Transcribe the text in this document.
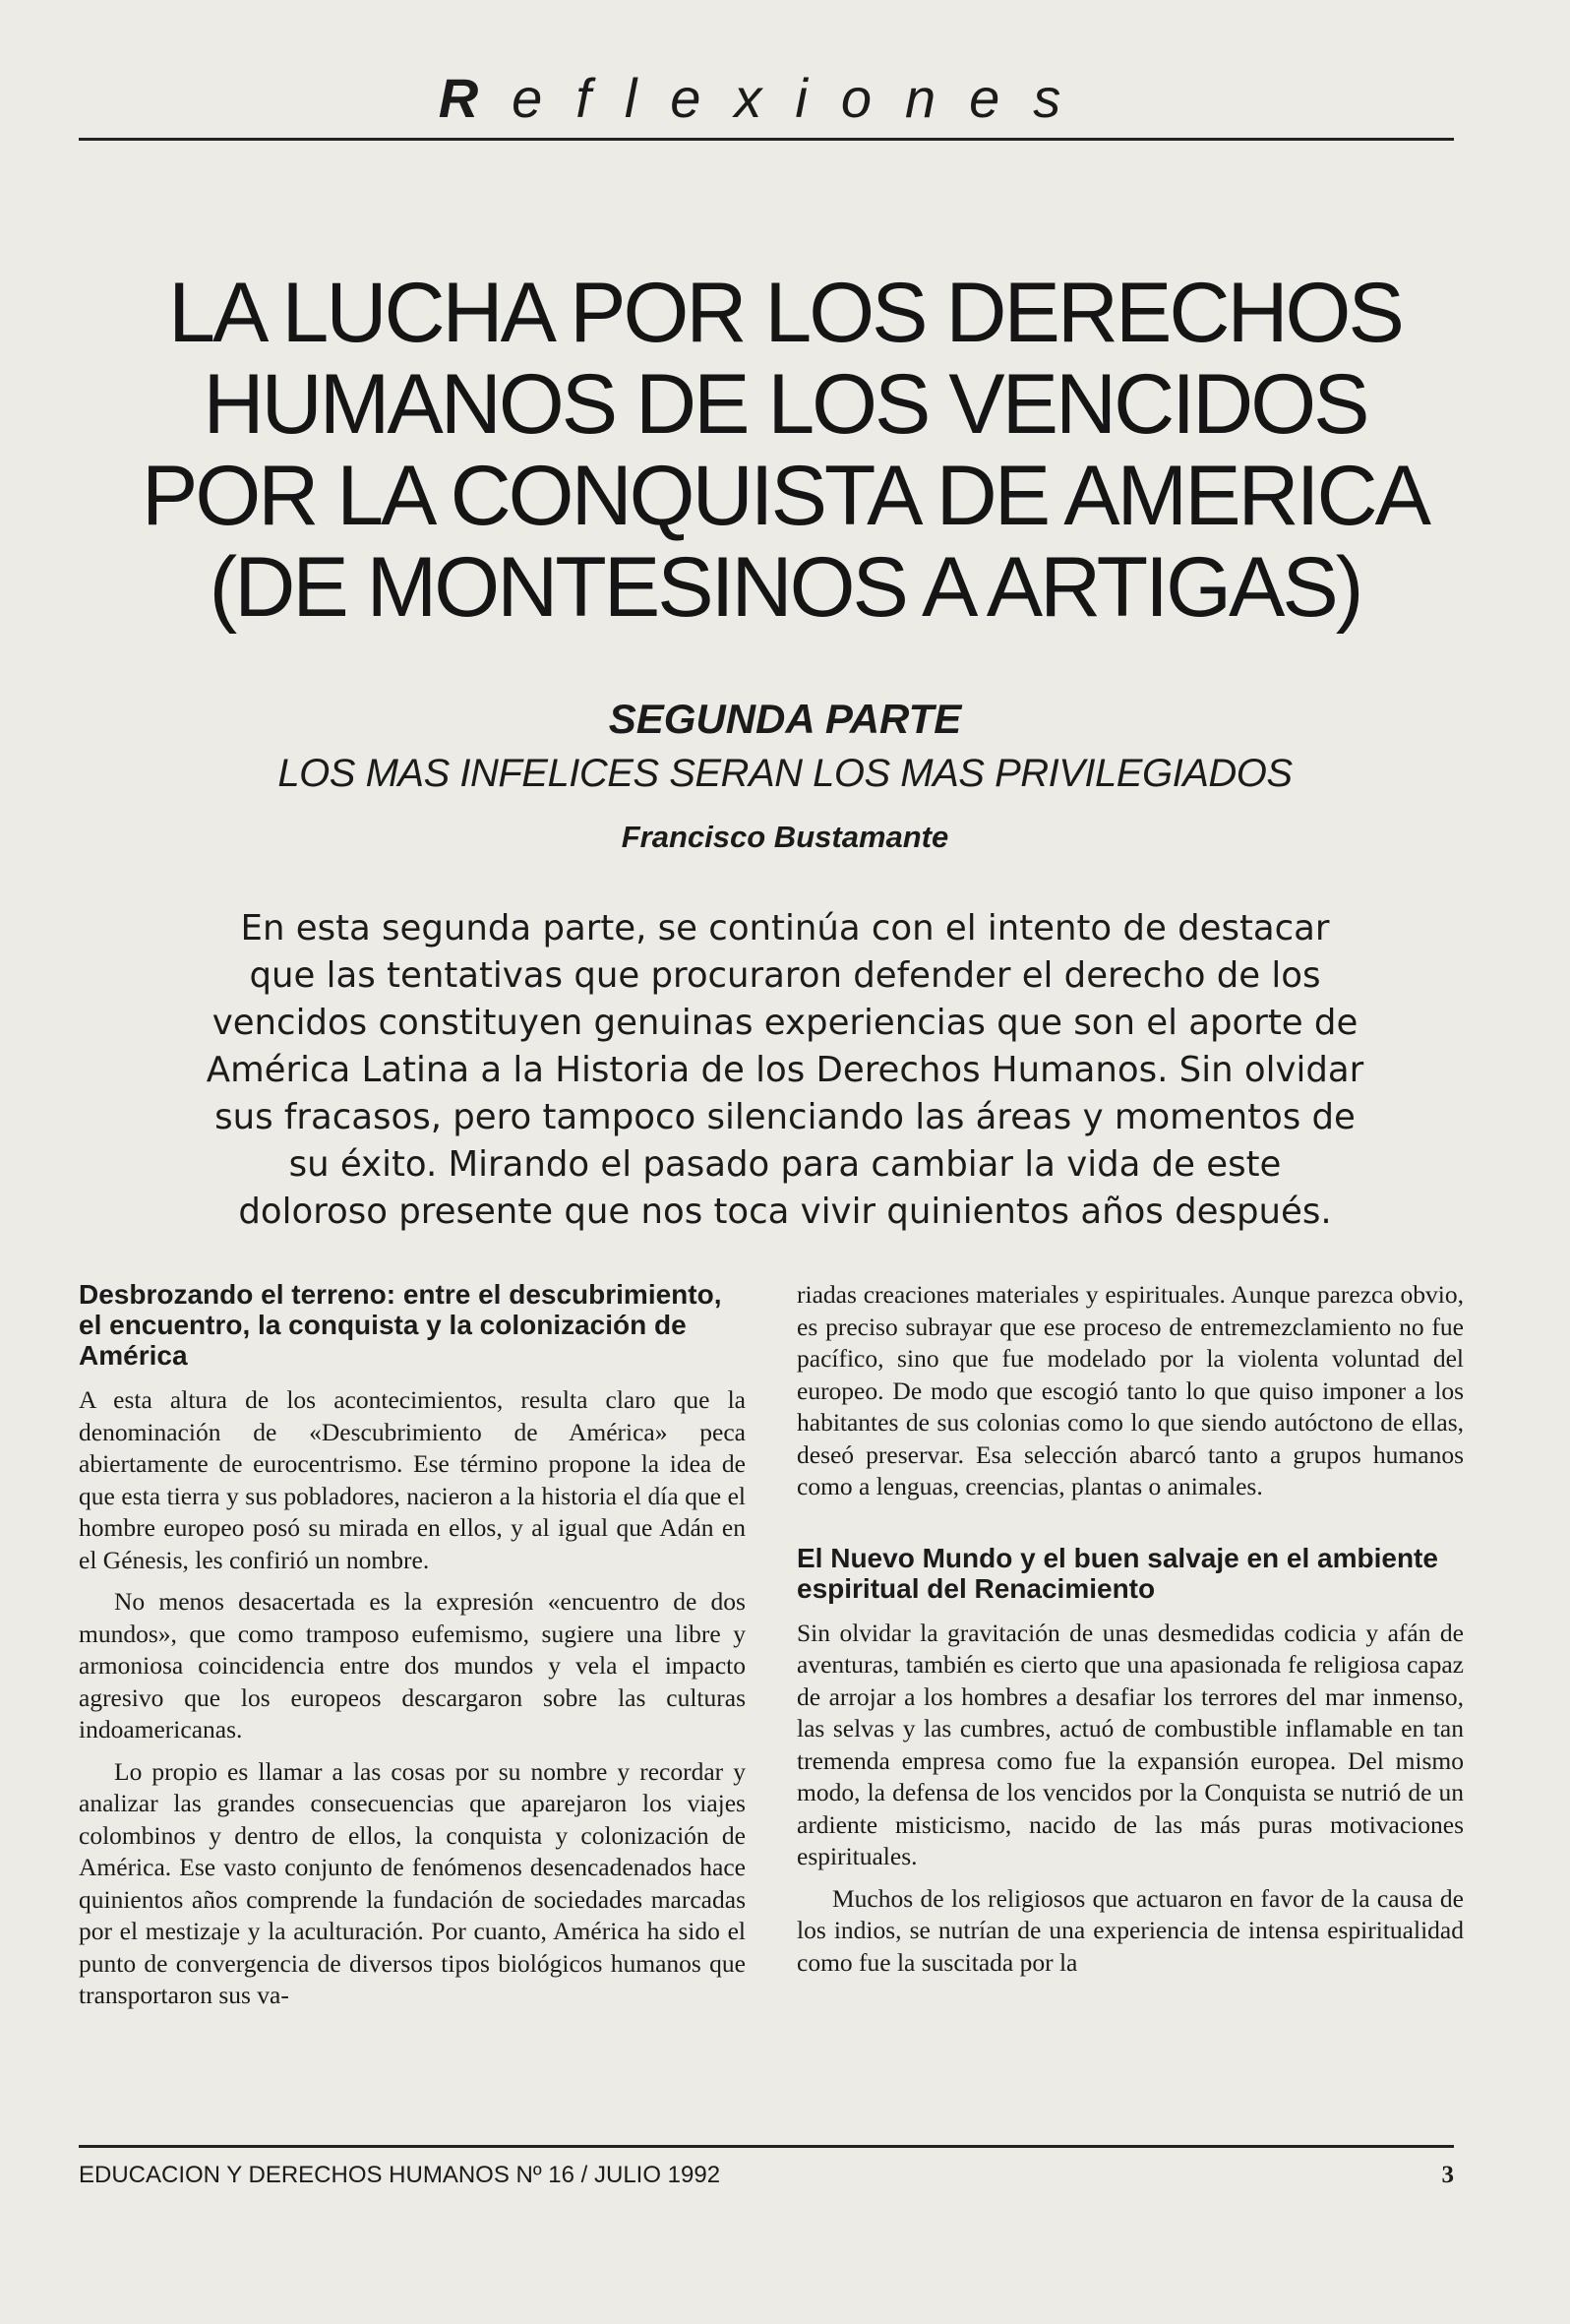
Reflexiones
LA LUCHA POR LOS DERECHOS
HUMANOS DE LOS VENCIDOS
POR LA CONQUISTA DE AMERICA
(DE MONTESINOS A ARTIGAS)
SEGUNDA PARTE
LOS MAS INFELICES SERAN LOS MAS PRIVILEGIADOS
Francisco Bustamante
En esta segunda parte, se continúa con el intento de destacar
que las tentativas que procuraron defender el derecho de los
vencidos constituyen genuinas experiencias que son el aporte de
América Latina a la Historia de los Derechos Humanos. Sin olvidar
sus fracasos, pero tampoco silenciando las áreas y momentos de
su éxito. Mirando el pasado para cambiar la vida de este
doloroso presente que nos toca vivir quinientos años después.
Desbrozando el terreno: entre el descubrimiento, el encuentro, la conquista y la colonización de América
A esta altura de los acontecimientos, resulta claro que la denominación de «Descubrimiento de América» peca abiertamente de eurocentrismo. Ese término propone la idea de que esta tierra y sus pobladores, nacieron a la historia el día que el hombre europeo posó su mirada en ellos, y al igual que Adán en el Génesis, les confirió un nombre.
No menos desacertada es la expresión «encuentro de dos mundos», que como tramposo eufemismo, sugiere una libre y armoniosa coincidencia entre dos mundos y vela el impacto agresivo que los europeos descargaron sobre las culturas indoamericanas.
Lo propio es llamar a las cosas por su nombre y recordar y analizar las grandes consecuencias que aparejaron los viajes colombinos y dentro de ellos, la conquista y colonización de América. Ese vasto conjunto de fenómenos desencadenados hace quinientos años comprende la fundación de sociedades marcadas por el mestizaje y la aculturación. Por cuanto, América ha sido el punto de convergencia de diversos tipos biológicos humanos que transportaron sus va-
riadas creaciones materiales y espirituales. Aunque parezca obvio, es preciso subrayar que ese proceso de entremezclamiento no fue pacífico, sino que fue modelado por la violenta voluntad del europeo. De modo que escogió tanto lo que quiso imponer a los habitantes de sus colonias como lo que siendo autóctono de ellas, deseó preservar. Esa selección abarcó tanto a grupos humanos como a lenguas, creencias, plantas o animales.
El Nuevo Mundo y el buen salvaje en el ambiente espiritual del Renacimiento
Sin olvidar la gravitación de unas desmedidas codicia y afán de aventuras, también es cierto que una apasionada fe religiosa capaz de arrojar a los hombres a desafiar los terrores del mar inmenso, las selvas y las cumbres, actuó de combustible inflamable en tan tremenda empresa como fue la expansión europea. Del mismo modo, la defensa de los vencidos por la Conquista se nutrió de un ardiente misticismo, nacido de las más puras motivaciones espirituales.
Muchos de los religiosos que actuaron en favor de la causa de los indios, se nutrían de una experiencia de intensa espiritualidad como fue la suscitada por la
EDUCACION Y DERECHOS HUMANOS Nº 16 / JULIO 1992	3
